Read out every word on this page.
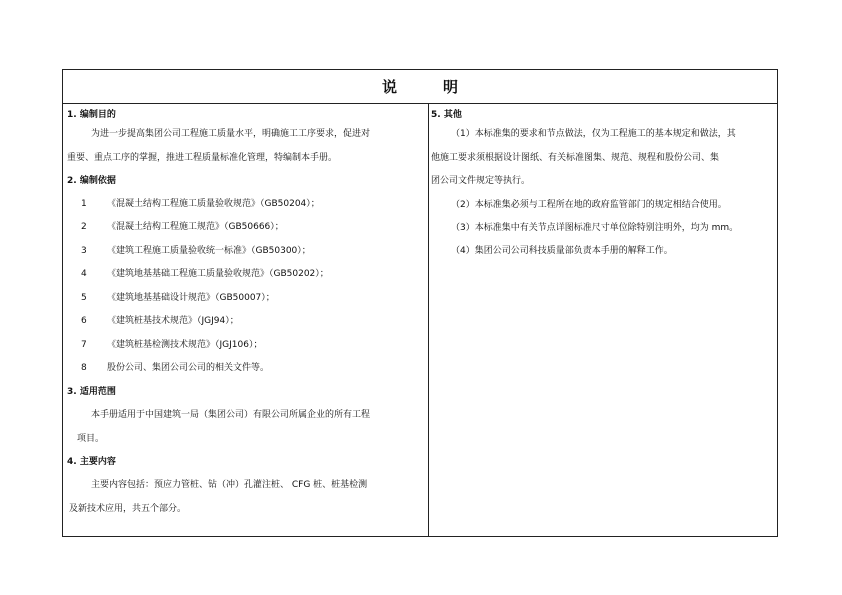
说	明
1. 编制目的
为进一步提高集团公司工程施工质量水平，明确施工工序要求，促进对
重要、重点工序的掌握，推进工程质量标准化管理，特编制本手册。
2. 编制依据
1 《混凝土结构工程施工质量验收规范》（GB50204）；
2 《混凝土结构工程施工规范》（GB50666）；
3 《建筑工程施工质量验收统一标准》（GB50300）；
4 《建筑地基基础工程施工质量验收规范》（GB50202）；
5 《建筑地基基础设计规范》（GB50007）；
6 《建筑桩基技术规范》（JGJ94）；
7 《建筑桩基检测技术规范》（JGJ106）；
8 股份公司、集团公司公司的相关文件等。
3. 适用范围
本手册适用于中国建筑一局（集团公司）有限公司所属企业的所有工程
项目。
4. 主要内容
主要内容包括：预应力管桩、钻（冲）孔灌注桩、 CFG 桩、桩基检测
及新技术应用，共五个部分。
5. 其他
（1）本标准集的要求和节点做法，仅为工程施工的基本规定和做法，其
他施工要求须根据设计图纸、有关标准图集、规范、规程和股份公司、集
团公司文件规定等执行。
（2）本标准集必须与工程所在地的政府监管部门的规定相结合使用。
（3）本标准集中有关节点详图标准尺寸单位除特别注明外，均为 mm。
（4）集团公司公司科技质量部负责本手册的解释工作。
